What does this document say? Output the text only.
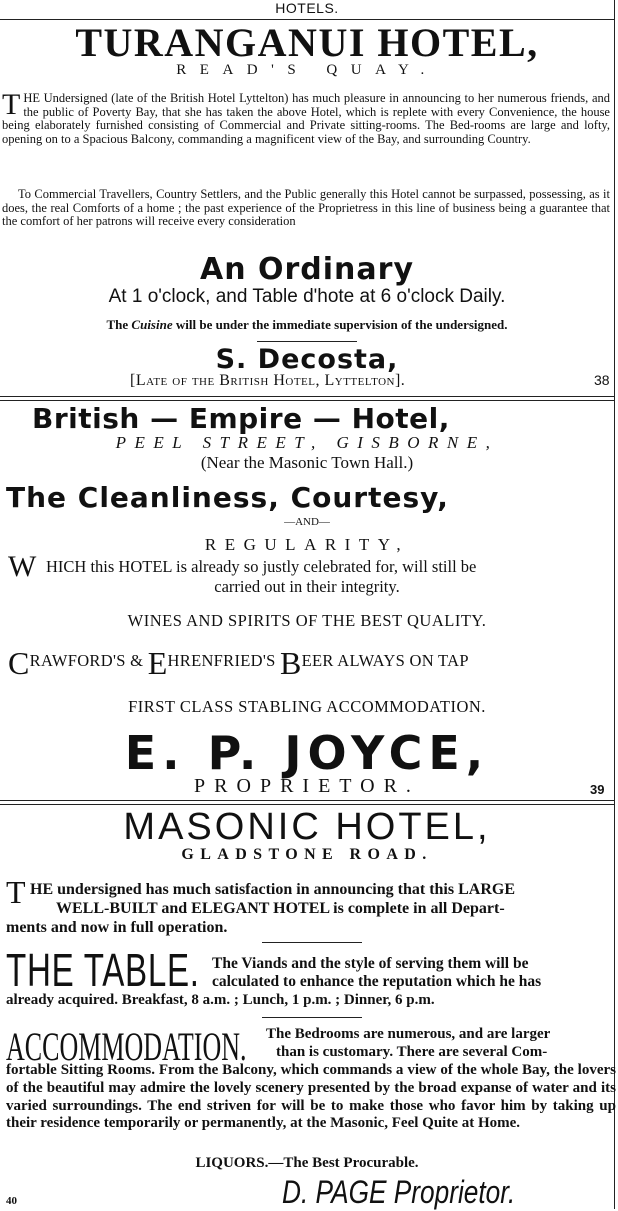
HOTELS.
TURANGANUI HOTEL,
READ'S QUAY.
THE Undersigned (late of the British Hotel Lyttelton) has much pleasure in announcing to her numerous friends, and the public of Poverty Bay, that she has taken the above Hotel, which is replete with every Convenience, the house being elaborately furnished consisting of Commercial and Private sitting-rooms. The Bed-rooms are large and lofty, opening on to a Spacious Balcony, commanding a magnificent view of the Bay, and surrounding Country.
To Commercial Travellers, Country Settlers, and the Public generally this Hotel cannot be surpassed, possessing, as it does, the real Comforts of a home ; the past experience of the Proprietress in this line of business being a guarantee that the comfort of her patrons will receive every consideration
An Ordinary
At 1 o'clock, and Table d'hote at 6 o'clock Daily.
The Cuisine will be under the immediate supervision of the undersigned.
S. Decosta,
[Late of the British Hotel, Lyttelton].	38
British — Empire — Hotel,
PEEL STREET, GISBORNE,
(Near the Masonic Town Hall.)
The Cleanliness, Courtesy,
—AND—
REGULARITY,
W HICH this HOTEL is already so justly celebrated for, will still be
carried out in their integrity.
WINES AND SPIRITS OF THE BEST QUALITY.
CRAWFORD'S & EHRENFRIED'S BEER ALWAYS ON TAP
FIRST CLASS STABLING ACCOMMODATION.
E. P. JOYCE,
PROPRIETOR.	39
MASONIC HOTEL,
GLADSTONE ROAD.
T HE undersigned has much satisfaction in announcing that this LARGE
WELL-BUILT and ELEGANT HOTEL is complete in all Depart-
ments and now in full operation.
THE TABLE. The Viands and the style of serving them will be
calculated to enhance the reputation which he has
already acquired. Breakfast, 8 a.m. ; Lunch, 1 p.m. ; Dinner, 6 p.m.
ACCOMMODATION. The Bedrooms are numerous, and are larger
than is customary. There are several Com-
fortable Sitting Rooms. From the Balcony, which commands a view of the whole Bay, the lovers of the beautiful may admire the lovely scenery presented by the broad expanse of water and its varied surroundings. The end striven for will be to make those who favor him by taking up their residence temporarily or permanently, at the Masonic, Feel Quite at Home.
LIQUORS.—The Best Procurable.
40	D. PAGE Proprietor.
